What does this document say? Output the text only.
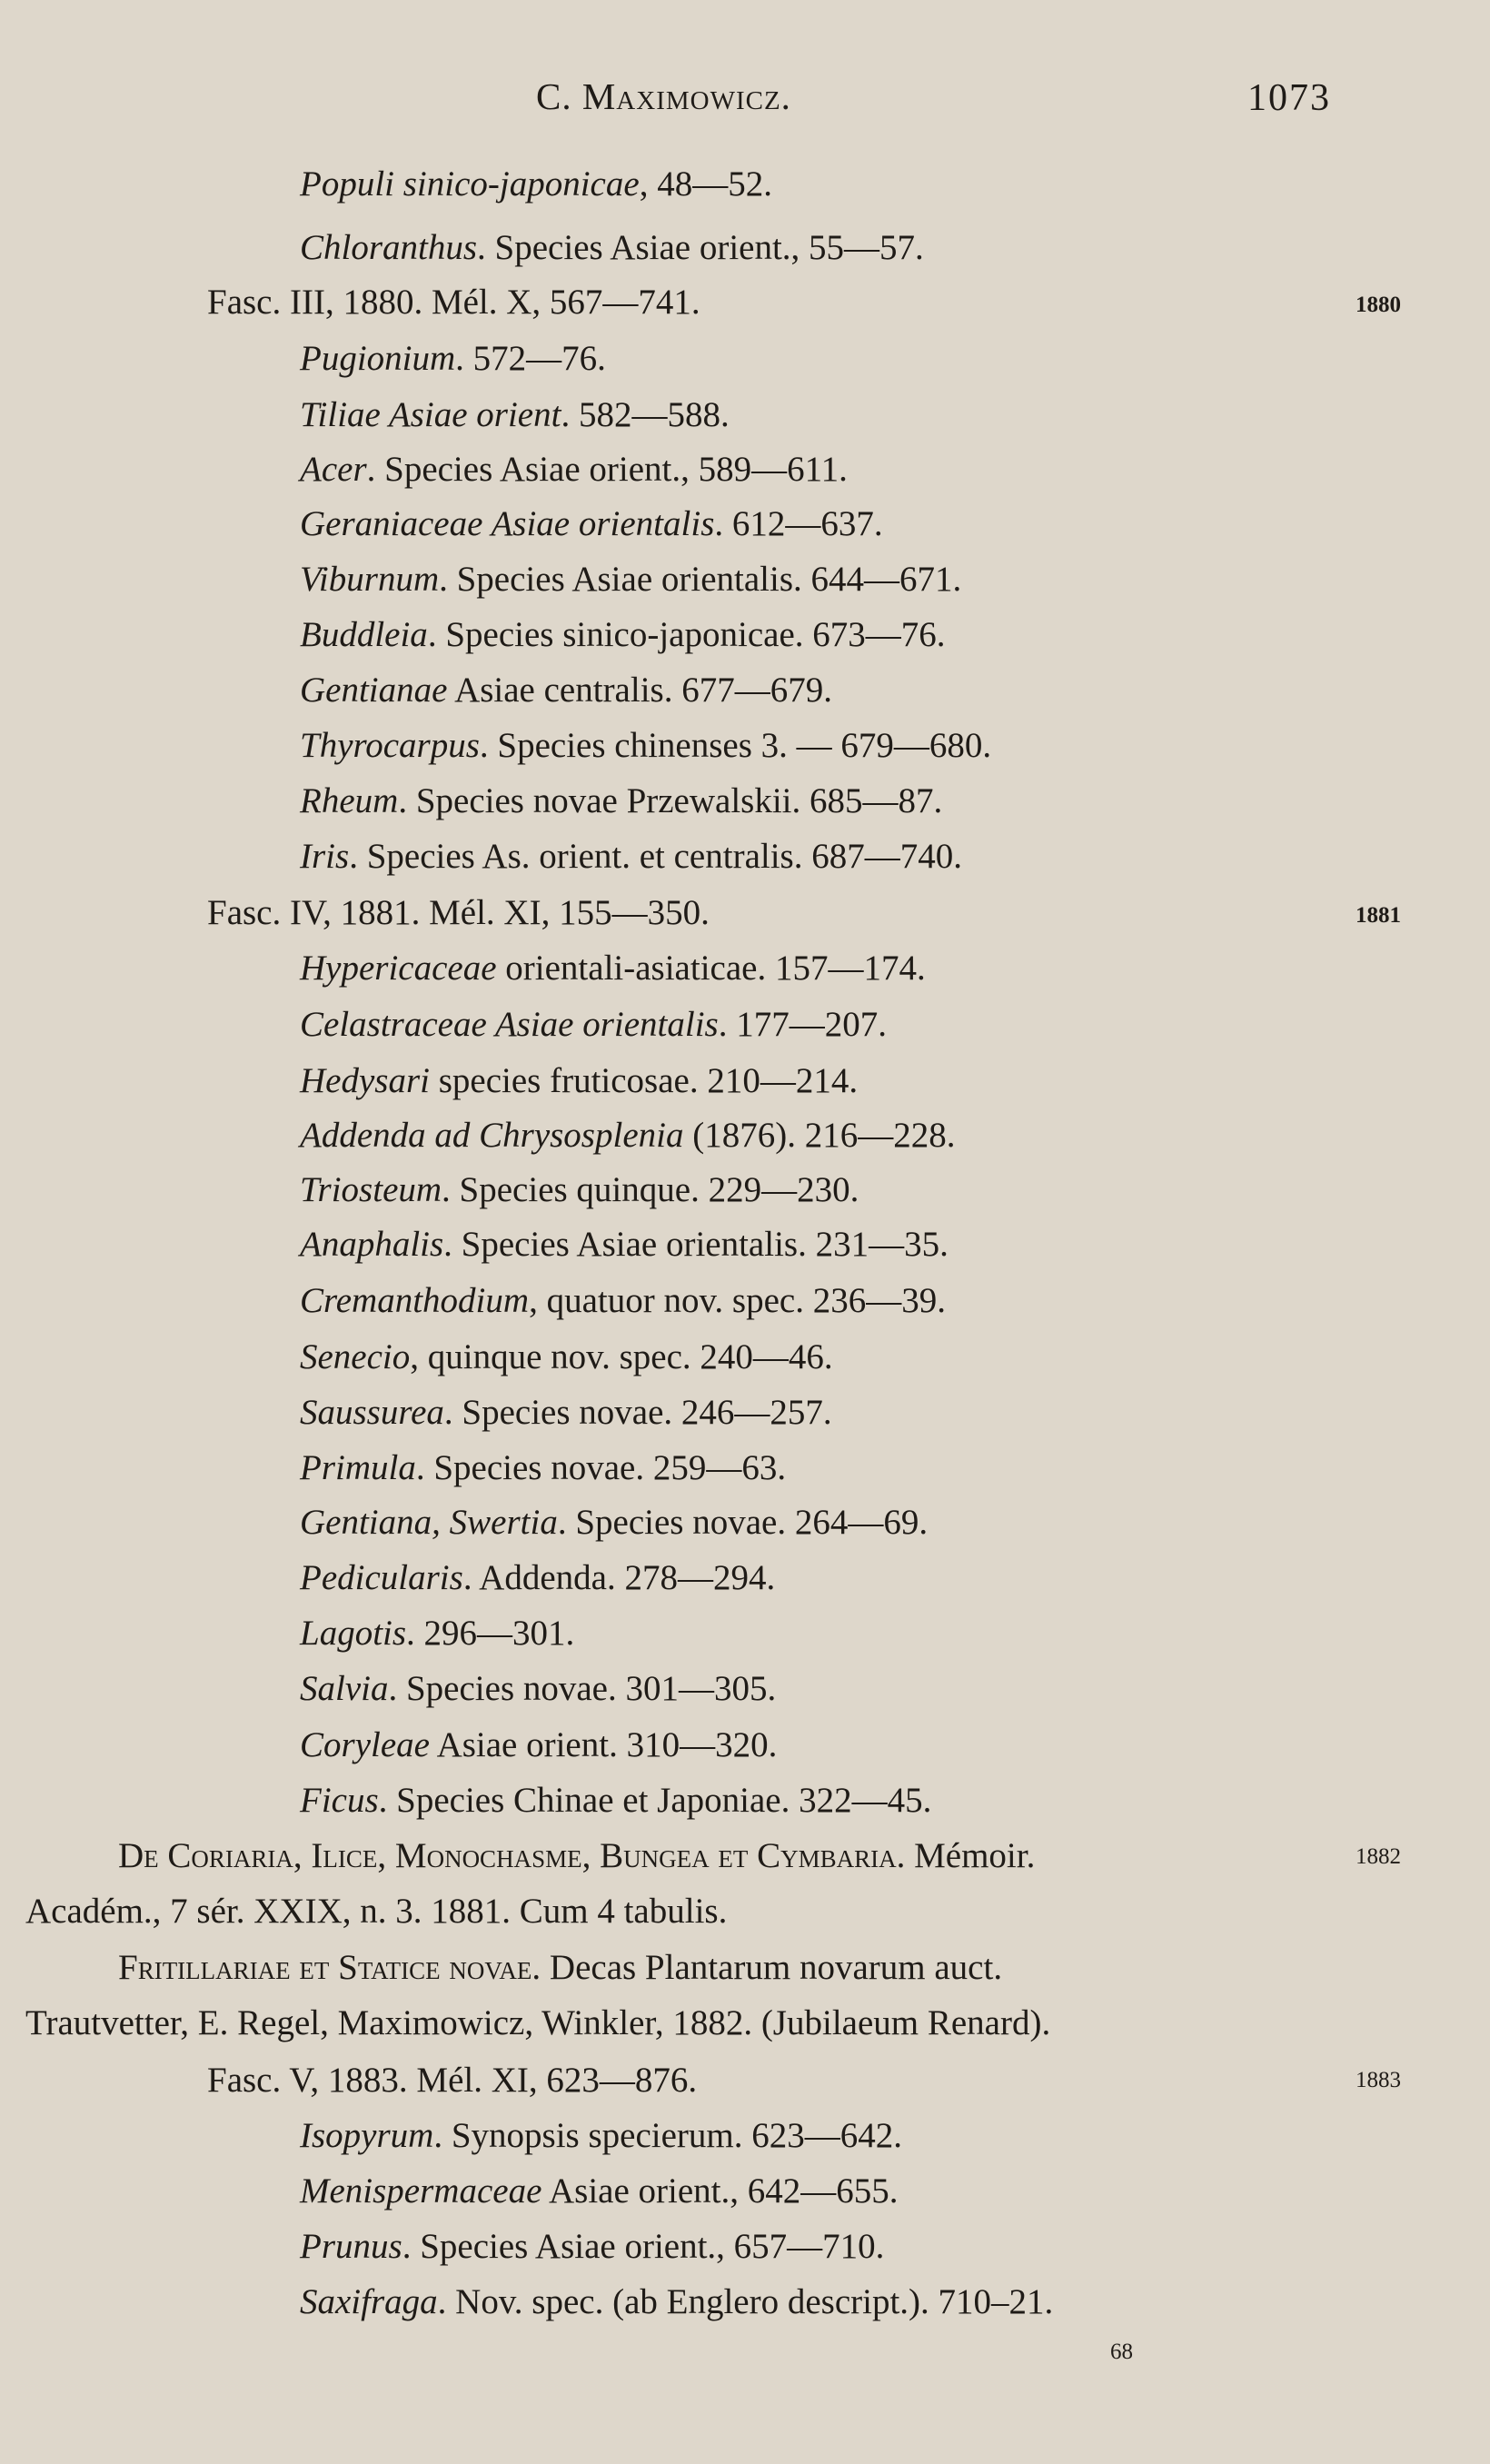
C. Maximowicz.	1073
Populi sinico-japonicae, 48—52.
Chloranthus. Species Asiae orient., 55—57.
Fasc. III, 1880. Mél. X, 567—741.
Pugionium. 572—76.
Tiliae Asiae orient. 582—588.
Acer. Species Asiae orient., 589—611.
Geraniaceae Asiae orientalis. 612—637.
Viburnum. Species Asiae orientalis. 644—671.
Buddleia. Species sinico-japonicae. 673—76.
Gentianae Asiae centralis. 677—679.
Thyrocarpus. Species chinenses 3. — 679—680.
Rheum. Species novae Przewalskii. 685—87.
Iris. Species As. orient. et centralis. 687—740.
Fasc. IV, 1881. Mél. XI, 155—350.
Hypericaceae orientali-asiaticae. 157—174.
Celastraceae Asiae orientalis. 177—207.
Hedysari species fruticosae. 210—214.
Addenda ad Chrysosplenia (1876). 216—228.
Triosteum. Species quinque. 229—230.
Anaphalis. Species Asiae orientalis. 231—35.
Cremanthodium, quatuor nov. spec. 236—39.
Senecio, quinque nov. spec. 240—46.
Saussurea. Species novae. 246—257.
Primula. Species novae. 259—63.
Gentiana, Swertia. Species novae. 264—69.
Pedicularis. Addenda. 278—294.
Lagotis. 296—301.
Salvia. Species novae. 301—305.
Coryleae Asiae orient. 310—320.
Ficus. Species Chinae et Japoniae. 322—45.
De Coriaria, Ilice, Monochasme, Bungea et Cymbaria. Mémoir.
Académ., 7 sér. XXIX, n. 3. 1881. Cum 4 tabulis.
Fritillariae et Statice novae. Decas Plantarum novarum auct.
Trautvetter, E. Regel, Maximowicz, Winkler, 1882. (Jubilaeum Renard).
Fasc. V, 1883. Mél. XI, 623—876.
Isopyrum. Synopsis specierum. 623—642.
Menispermaceae Asiae orient., 642—655.
Prunus. Species Asiae orient., 657—710.
Saxifraga. Nov. spec. (ab Englero descript.). 710–21.
1880
1881
1882
1883
68
